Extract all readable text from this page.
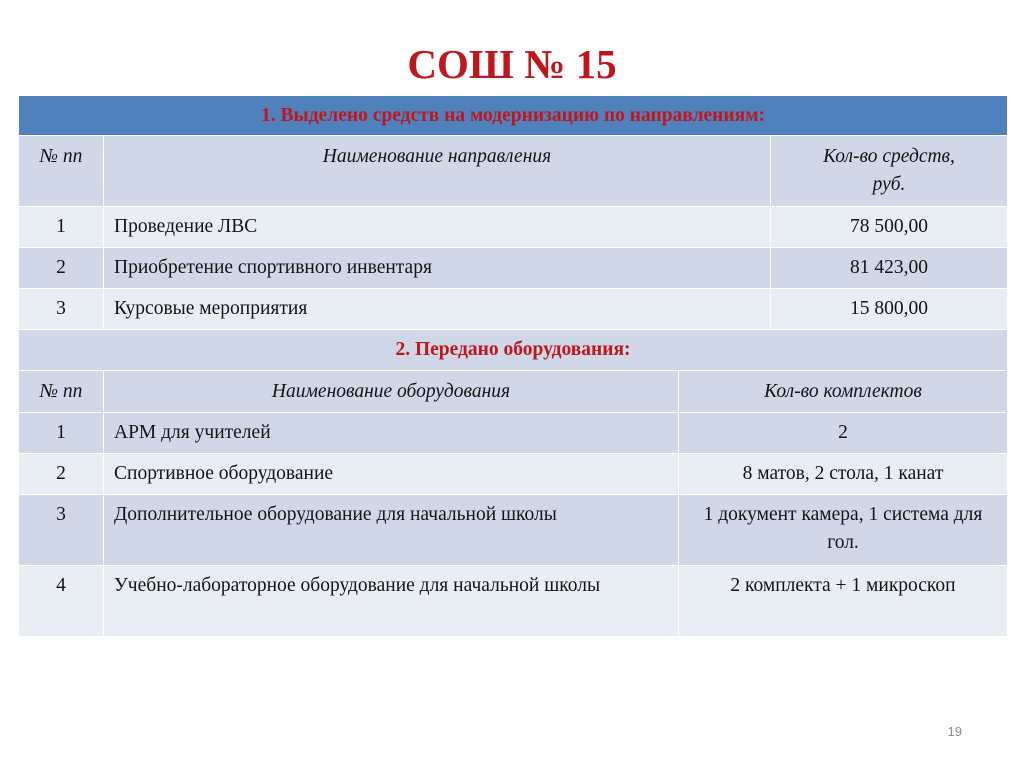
СОШ № 15
1. Выделено средств на модернизацию по направлениям:			
№ пп	Наименование направления		Кол-во средств,
руб.
1	Проведение ЛВС		78 500,00
2	Приобретение спортивного инвентаря		81 423,00
3	Курсовые мероприятия		15 800,00
2. Передано оборудования:			
№ пп	Наименование оборудования	Кол-во комплектов	
1	АРМ для учителей	2	
2	Спортивное оборудование	8 матов, 2 стола, 1 канат	
3	Дополнительное оборудование для начальной школы	1 документ камера, 1 система для гол.	
4	Учебно-лабораторное оборудование для начальной школы	2 комплекта + 1 микроскоп	
19
